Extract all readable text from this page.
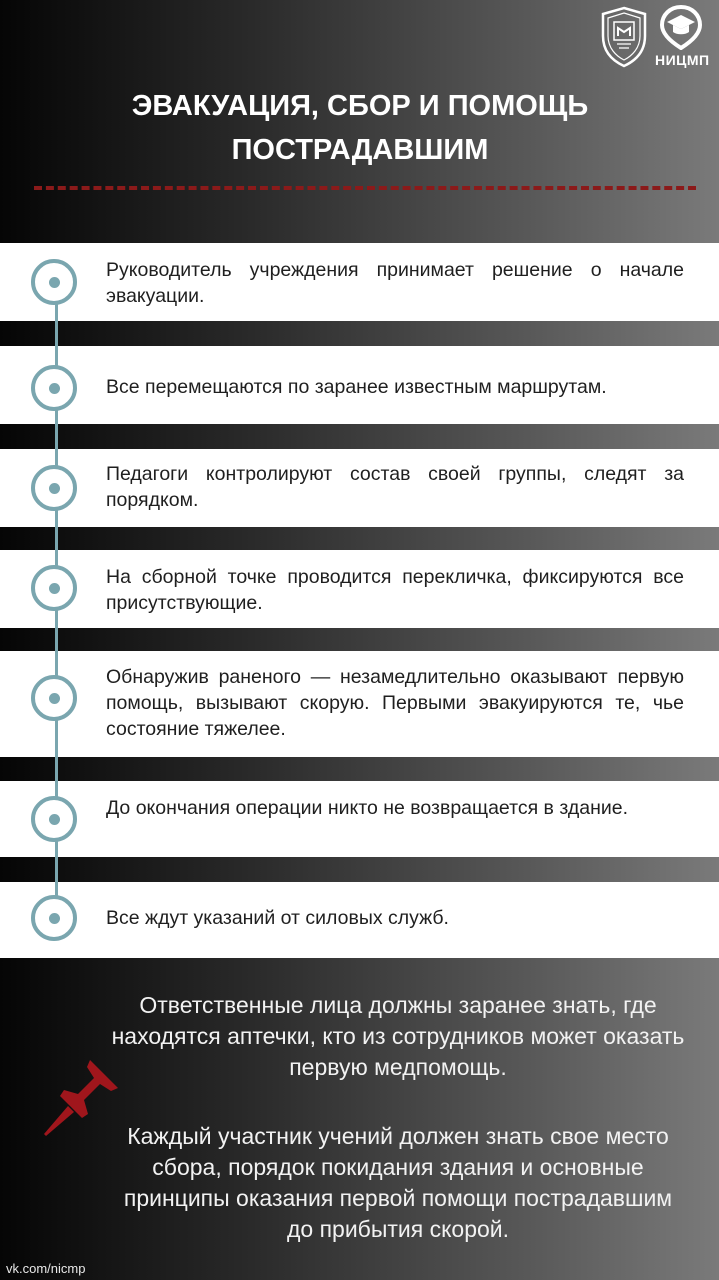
НИЦМП
ЭВАКУАЦИЯ, СБОР И ПОМОЩЬ ПОСТРАДАВШИМ
Руководитель учреждения принимает решение о начале эвакуации.
Все перемещаются по заранее известным маршрутам.
Педагоги контролируют состав своей группы, следят за порядком.
На сборной точке проводится перекличка, фиксируются все присутствующие.
Обнаружив раненого — незамедлительно оказывают первую помощь, вызывают скорую. Первыми эвакуируются те, чье состояние тяжелее.
До окончания операции никто не возвращается в здание.
Все ждут указаний от силовых служб.

Ответственные лица должны заранее знать, где находятся аптечки, кто из сотрудников может оказать первую медпомощь.

Каждый участник учений должен знать свое место сбора, порядок покидания здания и основные принципы оказания первой помощи пострадавшим до прибытия скорой.

vk.com/nicmp
